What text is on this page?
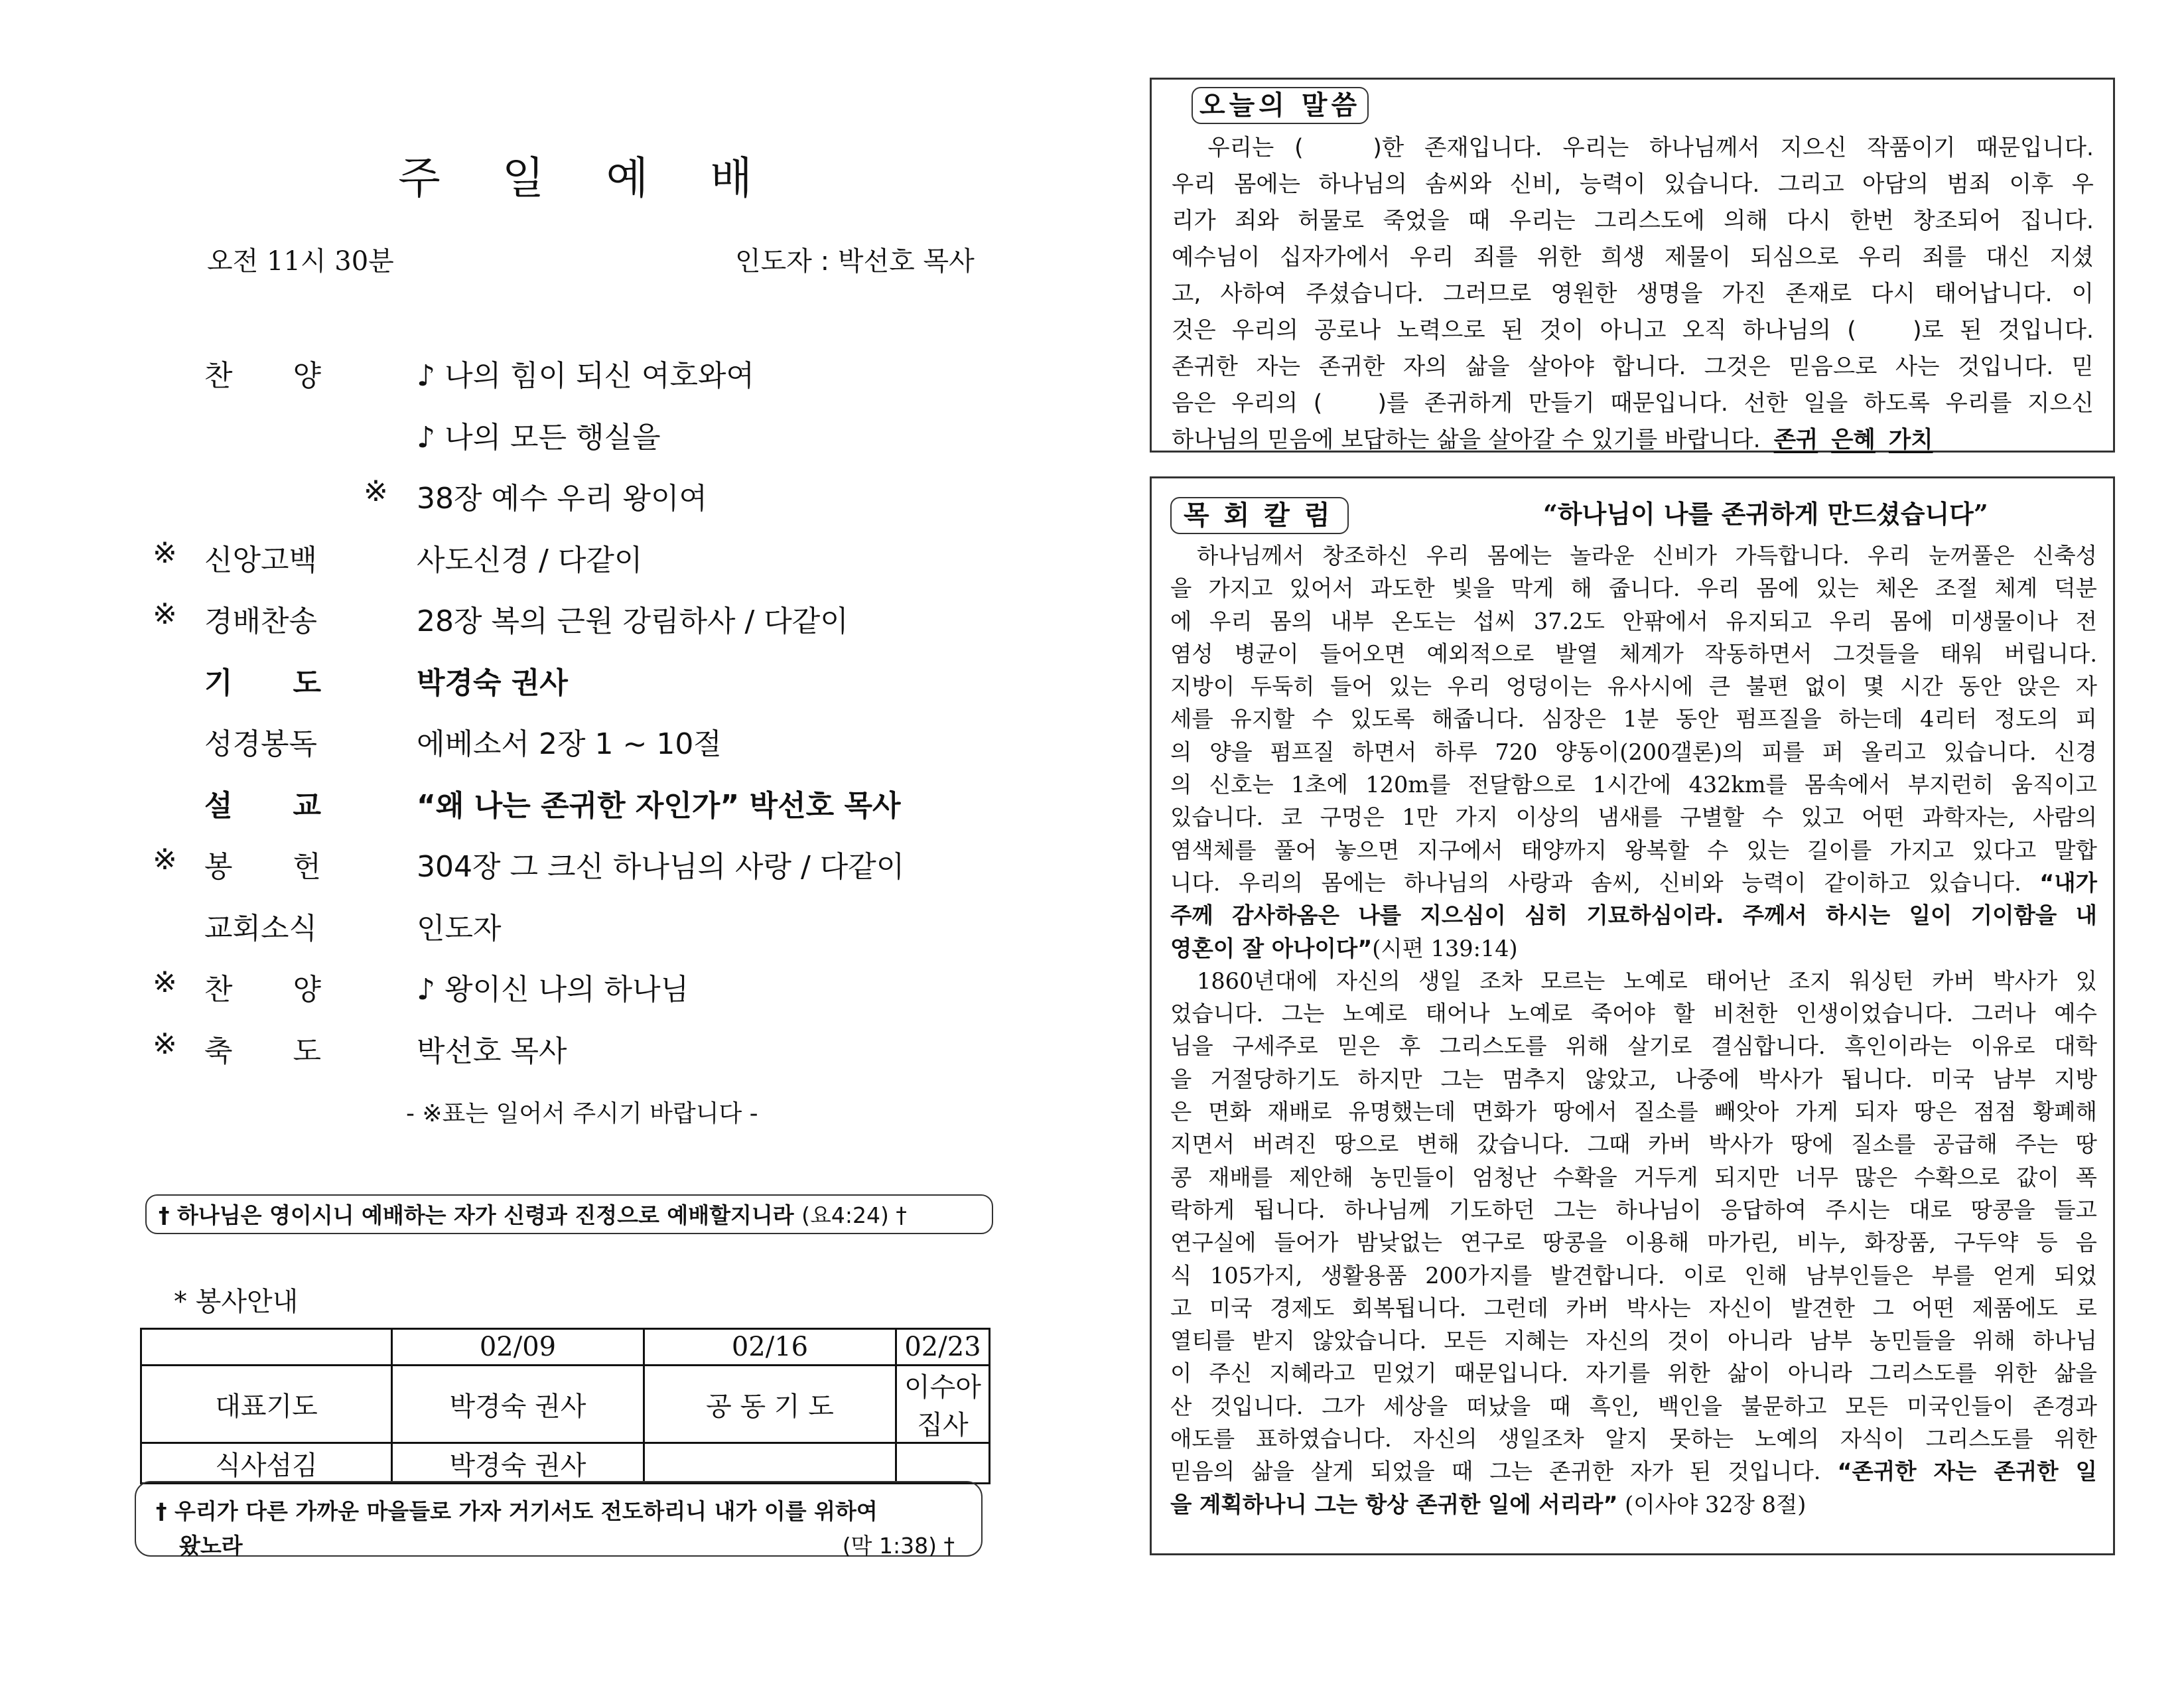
주 일 예 배
오전 11시 30분	인도자 : 박선호 목사
찬 양	♪ 나의 힘이 되신 여호와여
♪ 나의 모든 행실을
※ 38장 예수 우리 왕이여
※ 신앙고백	사도신경 / 다같이
※ 경배찬송	28장 복의 근원 강림하사 / 다같이
기 도	박경숙 권사
성경봉독	에베소서 2장 1 ~ 10절
설 교	“왜 나는 존귀한 자인가” 박선호 목사
※ 봉 헌	304장 그 크신 하나님의 사랑 / 다같이
교회소식	인도자
※ 찬 양	♪ 왕이신 나의 하나님
※ 축 도	박선호 목사
- ※표는 일어서 주시기 바랍니다 -
† 하나님은 영이시니 예배하는 자가 신령과 진정으로 예배할지니라 (요4:24) †
* 봉사안내
	02/09	02/16	02/23
대표기도	박경숙 권사	공 동 기 도	이수아 집사
식사섬김	박경숙 권사		
† 우리가 다른 가까운 마을들로 가자 거기서도 전도하리니 내가 이를 위하여
왔노라	(막 1:38) †
오늘의 말씀
　우리는 (　 )한 존재입니다. 우리는 하나님께서 지으신 작품이기 때문입니다.
우리 몸에는 하나님의 솜씨와 신비, 능력이 있습니다. 그리고 아담의 범죄 이후 우
리가 죄와 허물로 죽었을 때 우리는 그리스도에 의해 다시 한번 창조되어 집니다.
예수님이 십자가에서 우리 죄를 위한 희생 제물이 되심으로 우리 죄를 대신 지셨
고, 사하여 주셨습니다. 그러므로 영원한 생명을 가진 존재로 다시 태어납니다. 이
것은 우리의 공로나 노력으로 된 것이 아니고 오직 하나님의 (　 )로 된 것입니다.
존귀한 자는 존귀한 자의 삶을 살아야 합니다. 그것은 믿음으로 사는 것입니다. 믿
음은 우리의 (　 )를 존귀하게 만들기 때문입니다. 선한 일을 하도록 우리를 지으신
하나님의 믿음에 보답하는 삶을 살아갈 수 있기를 바랍니다. 존귀 은혜 가치
목회칼럼	“하나님이 나를 존귀하게 만드셨습니다”
하나님께서 창조하신 우리 몸에는 놀라운 신비가 가득합니다. 우리 눈꺼풀은 신축성
을 가지고 있어서 과도한 빛을 막게 해 줍니다. 우리 몸에 있는 체온 조절 체계 덕분
에 우리 몸의 내부 온도는 섭씨 37.2도 안팎에서 유지되고 우리 몸에 미생물이나 전
염성 병균이 들어오면 예외적으로 발열 체계가 작동하면서 그것들을 태워 버립니다.
지방이 두둑히 들어 있는 우리 엉덩이는 유사시에 큰 불편 없이 몇 시간 동안 앉은 자
세를 유지할 수 있도록 해줍니다. 심장은 1분 동안 펌프질을 하는데 4리터 정도의 피
의 양을 펌프질 하면서 하루 720 양동이(200갤론)의 피를 퍼 올리고 있습니다. 신경
의 신호는 1초에 120m를 전달함으로 1시간에 432km를 몸속에서 부지런히 움직이고
있습니다. 코 구멍은 1만 가지 이상의 냄새를 구별할 수 있고 어떤 과학자는, 사람의
염색체를 풀어 놓으면 지구에서 태양까지 왕복할 수 있는 길이를 가지고 있다고 말합
니다. 우리의 몸에는 하나님의 사랑과 솜씨, 신비와 능력이 같이하고 있습니다. “내가
주께 감사하옴은 나를 지으심이 심히 기묘하심이라. 주께서 하시는 일이 기이함을 내
영혼이 잘 아나이다”(시편 139:14)
1860년대에 자신의 생일 조차 모르는 노예로 태어난 조지 워싱턴 카버 박사가 있
었습니다. 그는 노예로 태어나 노예로 죽어야 할 비천한 인생이었습니다. 그러나 예수
님을 구세주로 믿은 후 그리스도를 위해 살기로 결심합니다. 흑인이라는 이유로 대학
을 거절당하기도 하지만 그는 멈추지 않았고, 나중에 박사가 됩니다. 미국 남부 지방
은 면화 재배로 유명했는데 면화가 땅에서 질소를 빼앗아 가게 되자 땅은 점점 황폐해
지면서 버려진 땅으로 변해 갔습니다. 그때 카버 박사가 땅에 질소를 공급해 주는 땅
콩 재배를 제안해 농민들이 엄청난 수확을 거두게 되지만 너무 많은 수확으로 값이 폭
락하게 됩니다. 하나님께 기도하던 그는 하나님이 응답하여 주시는 대로 땅콩을 들고
연구실에 들어가 밤낮없는 연구로 땅콩을 이용해 마가린, 비누, 화장품, 구두약 등 음
식 105가지, 생활용품 200가지를 발견합니다. 이로 인해 남부인들은 부를 얻게 되었
고 미국 경제도 회복됩니다. 그런데 카버 박사는 자신이 발견한 그 어떤 제품에도 로
열티를 받지 않았습니다. 모든 지혜는 자신의 것이 아니라 남부 농민들을 위해 하나님
이 주신 지혜라고 믿었기 때문입니다. 자기를 위한 삶이 아니라 그리스도를 위한 삶을
산 것입니다. 그가 세상을 떠났을 때 흑인, 백인을 불문하고 모든 미국인들이 존경과
애도를 표하였습니다. 자신의 생일조차 알지 못하는 노예의 자식이 그리스도를 위한
믿음의 삶을 살게 되었을 때 그는 존귀한 자가 된 것입니다. “존귀한 자는 존귀한 일
을 계획하나니 그는 항상 존귀한 일에 서리라” (이사야 32장 8절)
